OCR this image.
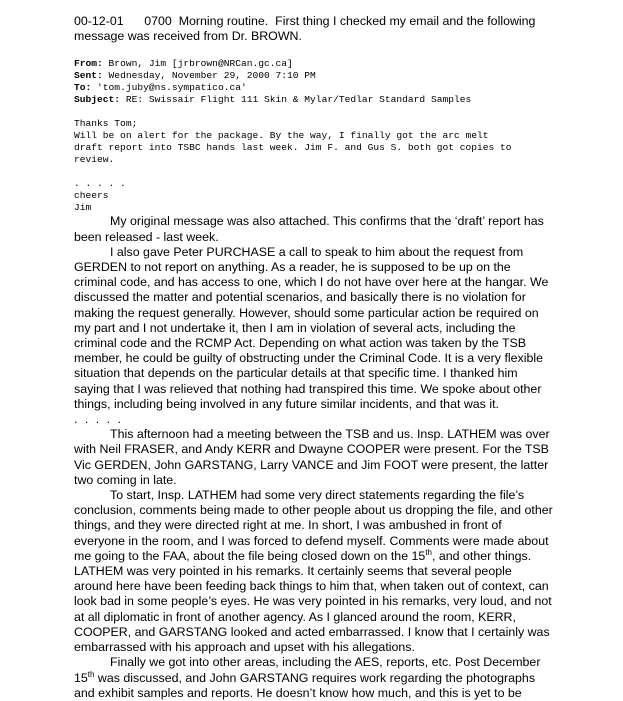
00-12-01      0700  Morning routine.  First thing I checked my email and the following
message was received from Dr. BROWN.
From: Brown, Jim [jrbrown@NRCan.gc.ca]
Sent: Wednesday, November 29, 2000 7:10 PM
To: 'tom.juby@ns.sympatico.ca'
Subject: RE: Swissair Flight 111 Skin & Mylar/Tedlar Standard Samples
Thanks Tom;
Will be on alert for the package. By the way, I finally got the arc melt
draft report into TSBC hands last week. Jim F. and Gus S. both got copies to
review.
. . . . .
cheers
Jim
My original message was also attached. This confirms that the ‘draft’ report has
been released - last week.
I also gave Peter PURCHASE a call to speak to him about the request from
GERDEN to not report on anything. As a reader, he is supposed to be up on the
criminal code, and has access to one, which I do not have over here at the hangar. We
discussed the matter and potential scenarios, and basically there is no violation for
making the request generally. However, should some particular action be required on
my part and I not undertake it, then I am in violation of several acts, including the
criminal code and the RCMP Act. Depending on what action was taken by the TSB
member, he could be guilty of obstructing under the Criminal Code. It is a very flexible
situation that depends on the particular details at that specific time. I thanked him
saying that I was relieved that nothing had transpired this time. We spoke about other
things, including being involved in any future similar incidents, and that was it.
. . . . .
This afternoon had a meeting between the TSB and us. Insp. LATHEM was over
with Neil FRASER, and Andy KERR and Dwayne COOPER were present. For the TSB
Vic GERDEN, John GARSTANG, Larry VANCE and Jim FOOT were present, the latter
two coming in late.
To start, Insp. LATHEM had some very direct statements regarding the file’s
conclusion, comments being made to other people about us dropping the file, and other
things, and they were directed right at me. In short, I was ambushed in front of
everyone in the room, and I was forced to defend myself. Comments were made about
me going to the FAA, about the file being closed down on the 15th, and other things.
LATHEM was very pointed in his remarks. It certainly seems that several people
around here have been feeding back things to him that, when taken out of context, can
look bad in some people’s eyes. He was very pointed in his remarks, very loud, and not
at all diplomatic in front of another agency. As I glanced around the room, KERR,
COOPER, and GARSTANG looked and acted embarrassed. I know that I certainly was
embarrassed with his approach and upset with his allegations.
Finally we got into other areas, including the AES, reports, etc. Post December
15th was discussed, and John GARSTANG requires work regarding the photographs
and exhibit samples and reports. He doesn’t know how much, and this is yet to be
